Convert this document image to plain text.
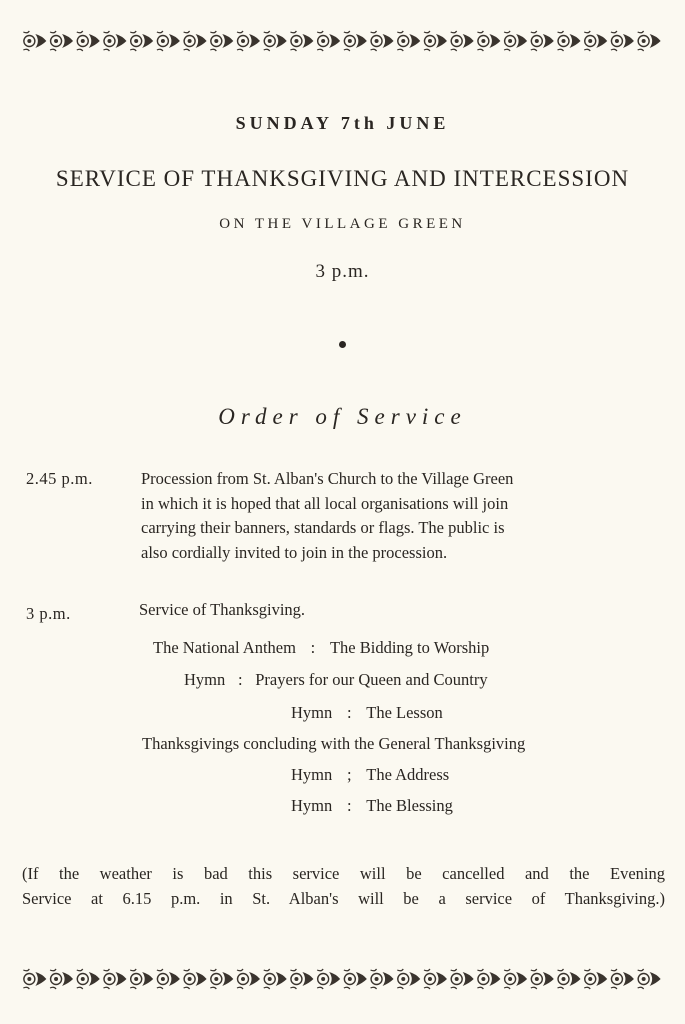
SUNDAY 7th JUNE
SERVICE OF THANKSGIVING AND INTERCESSION
ON THE VILLAGE GREEN
3 p.m.
Order of Service
2.45 p.m.	Procession from St. Alban's Church to the Village Green
in which it is hoped that all local organisations will join
carrying their banners, standards or flags. The public is
also cordially invited to join in the procession.
3 p.m.	Service of Thanksgiving.
The National Anthem : The Bidding to Worship
Hymn : Prayers for our Queen and Country
Hymn : The Lesson
Thanksgivings concluding with the General Thanksgiving
Hymn ; The Address
Hymn : The Blessing
(If the weather is bad this service will be cancelled and the Evening
Service at 6.15 p.m. in St. Alban's will be a service of Thanksgiving.)
